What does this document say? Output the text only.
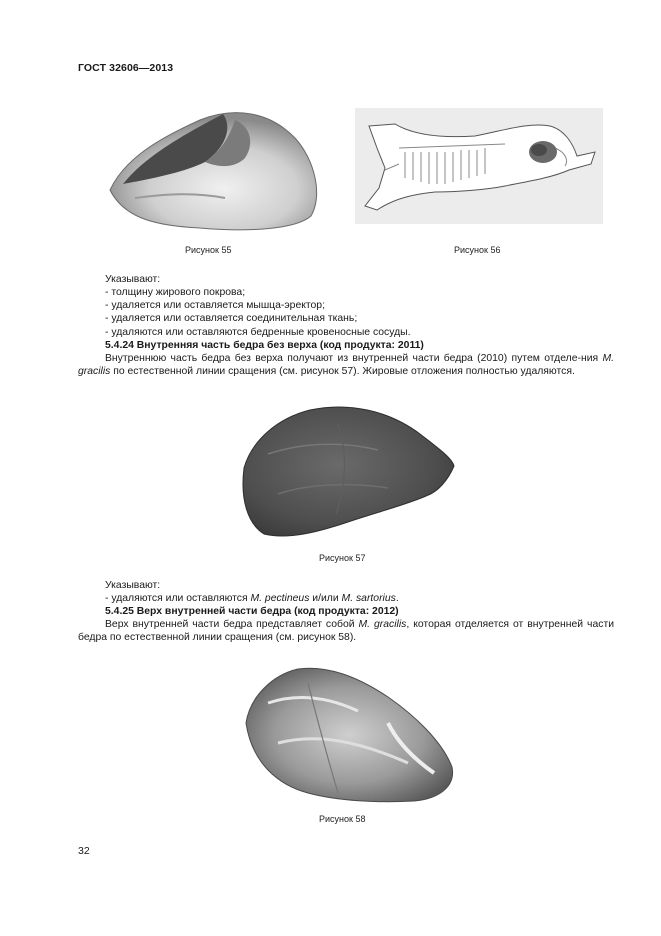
ГОСТ 32606—2013
Рисунок 55	Рисунок 56
Указывают:
- толщину жирового покрова;
- удаляется или оставляется мышца-эректор;
- удаляется или оставляется соединительная ткань;
- удаляются или оставляются бедренные кровеносные сосуды.
5.4.24 Внутренняя часть бедра без верха (код продукта: 2011)
Внутреннюю часть бедра без верха получают из внутренней части бедра (2010) путем отделе-ния M. gracilis по естественной линии сращения (см. рисунок 57). Жировые отложения полностью удаляются.
Рисунок 57
Указывают:
- удаляются или оставляются M. pectineus и/или M. sartorius.
5.4.25 Верх внутренней части бедра (код продукта: 2012)
Верх внутренней части бедра представляет собой M. gracilis, которая отделяется от внутренней части бедра по естественной линии сращения (см. рисунок 58).
Рисунок 58
32
